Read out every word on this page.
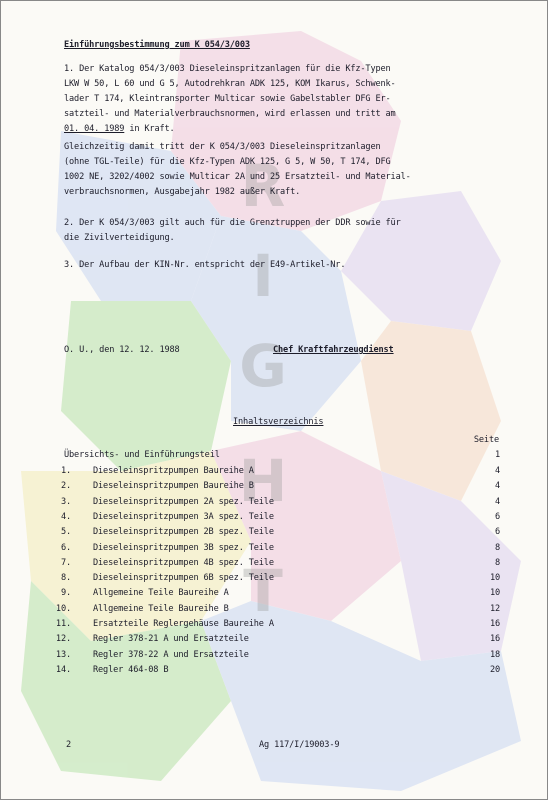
R
I
G
H
T
Einführungsbestimmung zum K 054/3/003
1. Der Katalog 054/3/003 Dieseleinspritzanlagen für die Kfz-Typen
LKW W 50, L 60 und G 5, Autodrehkran ADK 125, KOM Ikarus, Schwenk-
lader T 174, Kleintransporter Multicar sowie Gabelstabler DFG Er-
satzteil- und Materialverbrauchsnormen, wird erlassen und tritt am
01. 04. 1989 in Kraft.
Gleichzeitig damit tritt der K 054/3/003 Dieseleinspritzanlagen
(ohne TGL-Teile) für die Kfz-Typen ADK 125, G 5, W 50, T 174, DFG
1002 NE, 3202/4002 sowie Multicar 2A und 25 Ersatzteil- und Material-
verbrauchsnormen, Ausgabejahr 1982 außer Kraft.
2. Der K 054/3/003 gilt auch für die Grenztruppen der DDR sowie für
die Zivilverteidigung.
3. Der Aufbau der KIN-Nr. entspricht der E49-Artikel-Nr.
O. U., den 12. 12. 1988	Chef Kraftfahrzeugdienst
Inhaltsverzeichnis
Seite
Übersichts- und Einführungsteil	1
1.	Dieseleinspritzpumpen Baureihe A	4
2.	Dieseleinspritzpumpen Baureihe B	4
3.	Dieseleinspritzpumpen 2A spez. Teile	4
4.	Dieseleinspritzpumpen 3A spez. Teile	6
5.	Dieseleinspritzpumpen 2B spez. Teile	6
6.	Dieseleinspritzpumpen 3B spez. Teile	8
7.	Dieseleinspritzpumpen 4B spez. Teile	8
8.	Dieseleinspritzpumpen 6B spez. Teile	10
9.	Allgemeine Teile Baureihe A	10
10.	Allgemeine Teile Baureihe B	12
11.	Ersatzteile Reglergehäuse Baureihe A	16
12.	Regler 378-21 A und Ersatzteile	16
13.	Regler 378-22 A und Ersatzteile	18
14.	Regler 464-08 B	20
2	Ag 117/I/19003-9
